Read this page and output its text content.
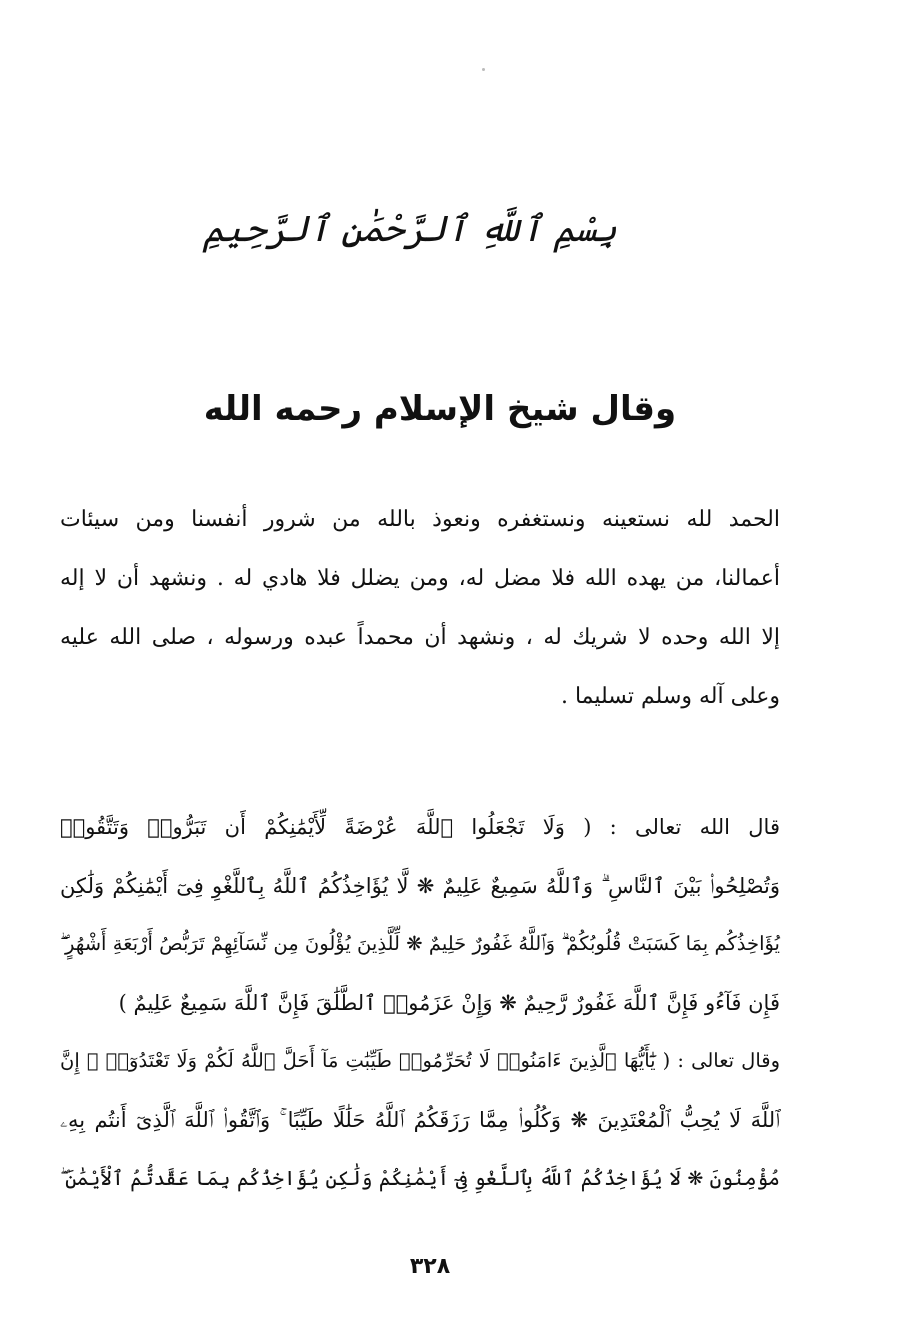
بِسْمِ ٱللَّهِ ٱلرَّحْمَٰنِ ٱلرَّحِيمِ
وقال شيخ الإسلام رحمه الله
الحمد لله نستعينه ونستغفره ونعوذ بالله من شرور أنفسنا ومن سيئات
أعمالنا، من يهده الله فلا مضل له، ومن يضلل فلا هادي له . ونشهد أن لا إله
إلا الله وحده لا شريك له ، ونشهد أن محمداً عبده ورسوله ، صلى الله عليه
وعلى آله وسلم تسليما .
قال الله تعالى : ( وَلَا تَجْعَلُوا ٱللَّهَ عُرْضَةً لِّأَيْمَٰنِكُمْ أَن تَبَرُّوا۟ وَتَتَّقُوا۟
وَتُصْلِحُوا۟ بَيْنَ ٱلنَّاسِ ۗ وَٱللَّهُ سَمِيعٌ عَلِيمٌ ❋ لَّا يُؤَاخِذُكُمُ ٱللَّهُ بِٱللَّغْوِ فِىٓ أَيْمَٰنِكُمْ وَلَٰكِن
يُؤَاخِذُكُم بِمَا كَسَبَتْ قُلُوبُكُمْ ۗ وَٱللَّهُ غَفُورٌ حَلِيمٌ ❋ لِّلَّذِينَ يُؤْلُونَ مِن نِّسَآئِهِمْ تَرَبُّصُ أَرْبَعَةِ أَشْهُرٍ ۖ
فَإِن فَآءُو فَإِنَّ ٱللَّهَ غَفُورٌ رَّحِيمٌ ❋ وَإِنْ عَزَمُوا۟ ٱلطَّلَٰقَ فَإِنَّ ٱللَّهَ سَمِيعٌ عَلِيمٌ )
وقال تعالى : ( يَٰٓأَيُّهَا ٱلَّذِينَ ءَامَنُوا۟ لَا تُحَرِّمُوا۟ طَيِّبَٰتِ مَآ أَحَلَّ ٱللَّهُ لَكُمْ وَلَا تَعْتَدُوٓا۟ ۚ إِنَّ
ٱللَّهَ لَا يُحِبُّ ٱلْمُعْتَدِينَ ❋ وَكُلُوا۟ مِمَّا رَزَقَكُمُ ٱللَّهُ حَلَٰلًا طَيِّبًا ۚ وَٱتَّقُوا۟ ٱللَّهَ ٱلَّذِىٓ أَنتُم بِهِۦ
مُؤْمِنُونَ ❋ لَا يُؤَاخِذُكُمُ ٱللَّهُ بِٱللَّغْوِ فِىٓ أَيْمَٰنِكُمْ وَلَٰكِن يُؤَاخِذُكُم بِمَا عَقَّدتُّمُ ٱلْأَيْمَٰنَ ۖ
٣٢٨
